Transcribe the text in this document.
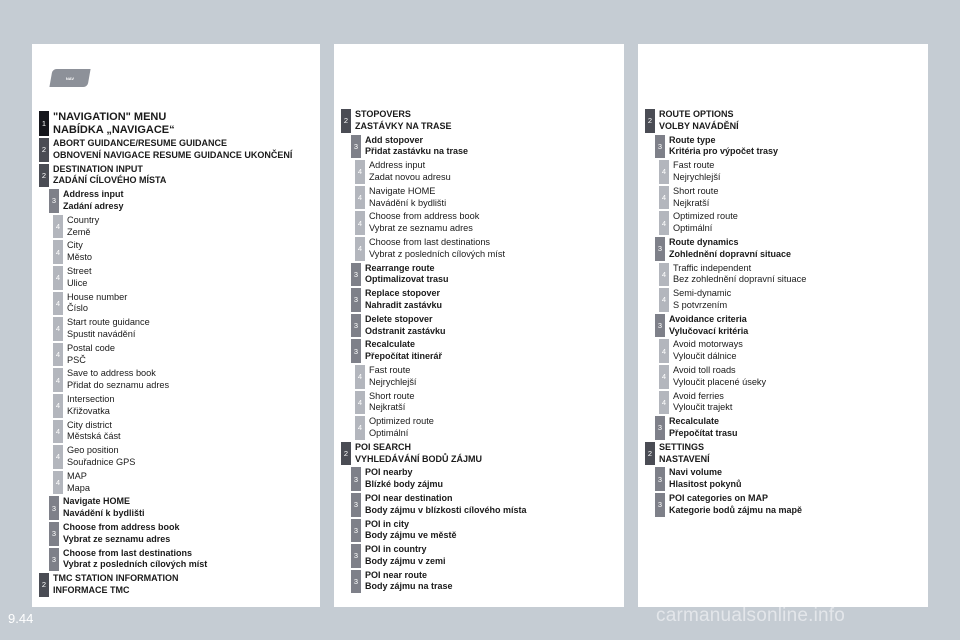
NAV
1
"NAVIGATION" MENU
NABÍDKA „NAVIGACE“
2
ABORT GUIDANCE/RESUME GUIDANCE
OBNOVENÍ NAVIGACE RESUME GUIDANCE UKONČENÍ
2
DESTINATION INPUT
ZADÁNÍ CÍLOVÉHO MÍSTA
3
Address input
Zadání adresy
4
Country
Země
4
City
Město
4
Street
Ulice
4
House number
Číslo
4
Start route guidance
Spustit navádění
4
Postal code
PSČ
4
Save to address book
Přidat do seznamu adres
4
Intersection
Křižovatka
4
City district
Městská část
4
Geo position
Souřadnice GPS
4
MAP
Mapa
3
Navigate HOME
Navádění k bydlišti
3
Choose from address book
Vybrat ze seznamu adres
3
Choose from last destinations
Vybrat z posledních cílových míst
2
TMC STATION INFORMATION
INFORMACE TMC
2
STOPOVERS
ZASTÁVKY NA TRASE
3
Add stopover
Přidat zastávku na trase
4
Address input
Zadat novou adresu
4
Navigate HOME
Navádění k bydlišti
4
Choose from address book
Vybrat ze seznamu adres
4
Choose from last destinations
Vybrat z posledních cílových míst
3
Rearrange route
Optimalizovat trasu
3
Replace stopover
Nahradit zastávku
3
Delete stopover
Odstranit zastávku
3
Recalculate
Přepočítat itinerář
4
Fast route
Nejrychlejší
4
Short route
Nejkratší
4
Optimized route
Optimální
2
POI SEARCH
VYHLEDÁVÁNÍ BODŮ ZÁJMU
3
POI nearby
Blízké body zájmu
3
POI near destination
Body zájmu v blízkosti cílového místa
3
POI in city
Body zájmu ve městě
3
POI in country
Body zájmu v zemi
3
POI near route
Body zájmu na trase
2
ROUTE OPTIONS
VOLBY NAVÁDĚNÍ
3
Route type
Kritéria pro výpočet trasy
4
Fast route
Nejrychlejší
4
Short route
Nejkratší
4
Optimized route
Optimální
3
Route dynamics
Zohlednění dopravní situace
4
Traffic independent
Bez zohlednění dopravní situace
4
Semi-dynamic
S potvrzením
3
Avoidance criteria
Vylučovací kritéria
4
Avoid motorways
Vyloučit dálnice
4
Avoid toll roads
Vyloučit placené úseky
4
Avoid ferries
Vyloučit trajekt
3
Recalculate
Přepočítat trasu
2
SETTINGS
NASTAVENÍ
3
Navi volume
Hlasitost pokynů
3
POI categories on MAP
Kategorie bodů zájmu na mapě
9.44	carmanualsonline.info
